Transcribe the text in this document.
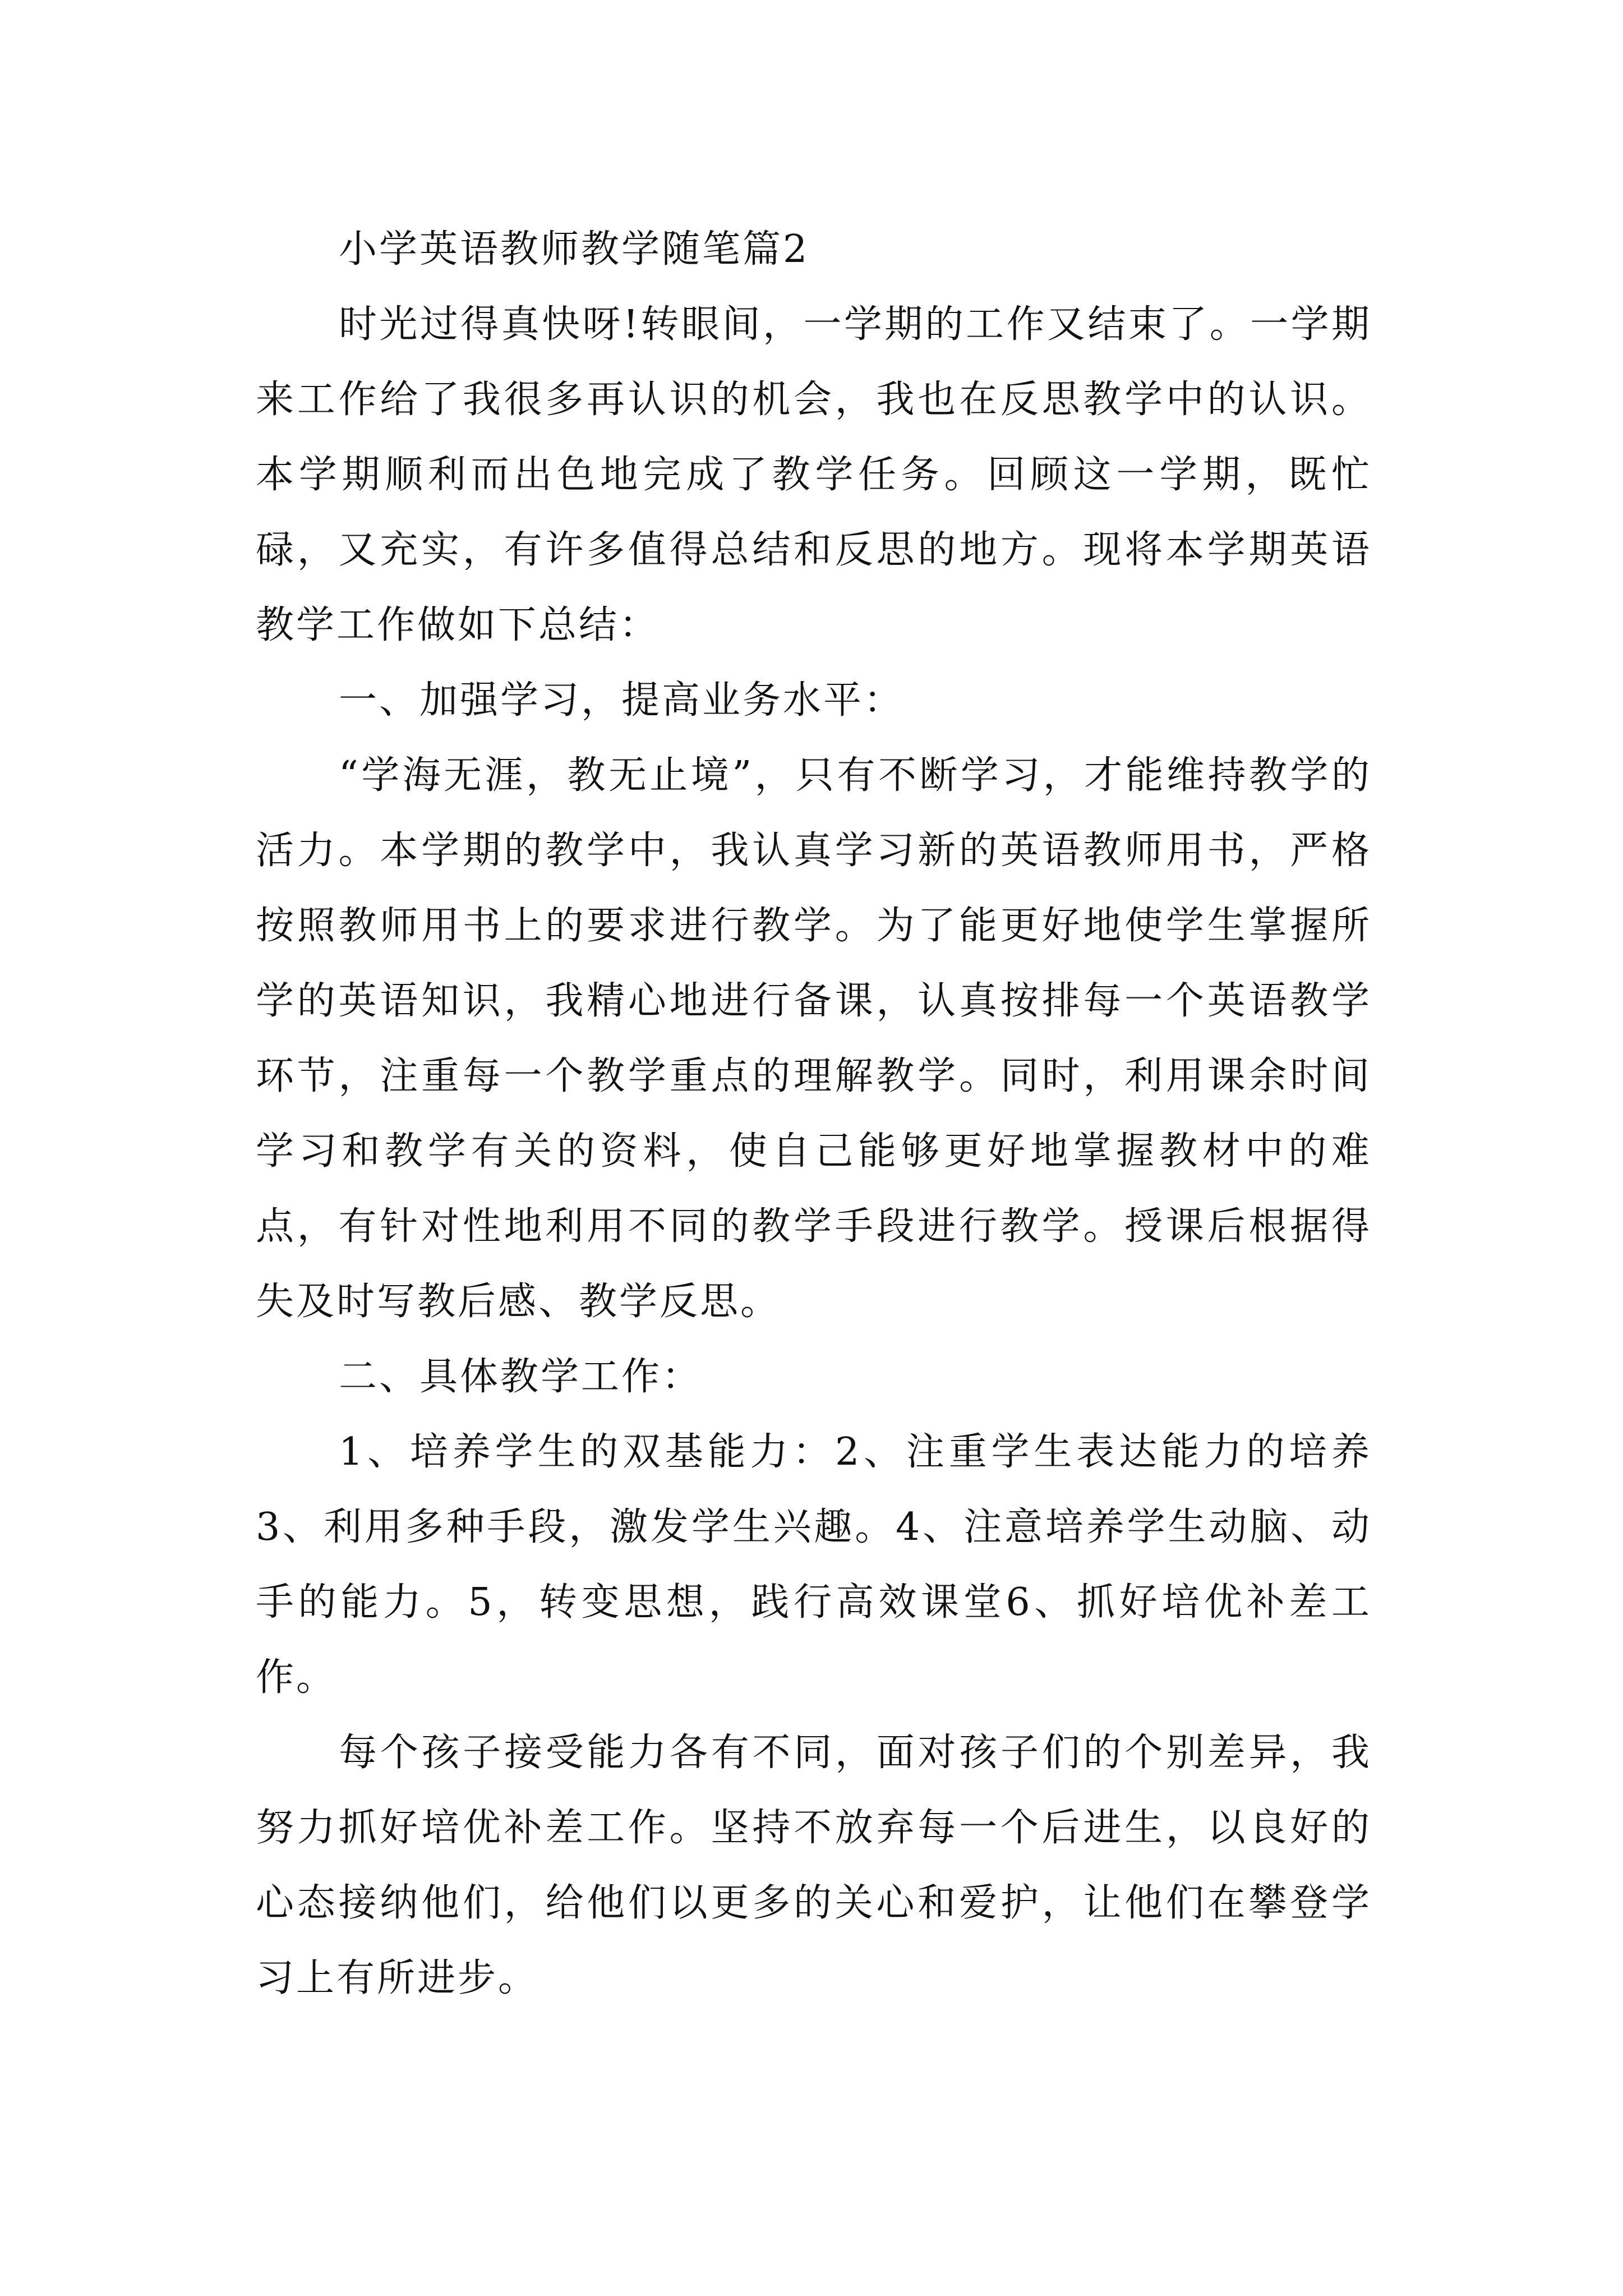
小学英语教师教学随笔篇2

时光过得真快呀!转眼间，一学期的工作又结束了。一学期来工作给了我很多再认识的机会，我也在反思教学中的认识。本学期顺利而出色地完成了教学任务。回顾这一学期，既忙碌，又充实，有许多值得总结和反思的地方。现将本学期英语教学工作做如下总结：

一、加强学习，提高业务水平：

“学海无涯，教无止境”，只有不断学习，才能维持教学的活力。本学期的教学中，我认真学习新的英语教师用书，严格按照教师用书上的要求进行教学。为了能更好地使学生掌握所学的英语知识，我精心地进行备课，认真按排每一个英语教学环节，注重每一个教学重点的理解教学。同时，利用课余时间学习和教学有关的资料，使自己能够更好地掌握教材中的难点，有针对性地利用不同的教学手段进行教学。授课后根据得失及时写教后感、教学反思。

二、具体教学工作：

1、培养学生的双基能力：2、注重学生表达能力的培养3、利用多种手段，激发学生兴趣。4、注意培养学生动脑、动手的能力。5，转变思想，践行高效课堂6、抓好培优补差工作。

每个孩子接受能力各有不同，面对孩子们的个别差异，我努力抓好培优补差工作。坚持不放弃每一个后进生，以良好的心态接纳他们，给他们以更多的关心和爱护，让他们在攀登学习上有所进步。
